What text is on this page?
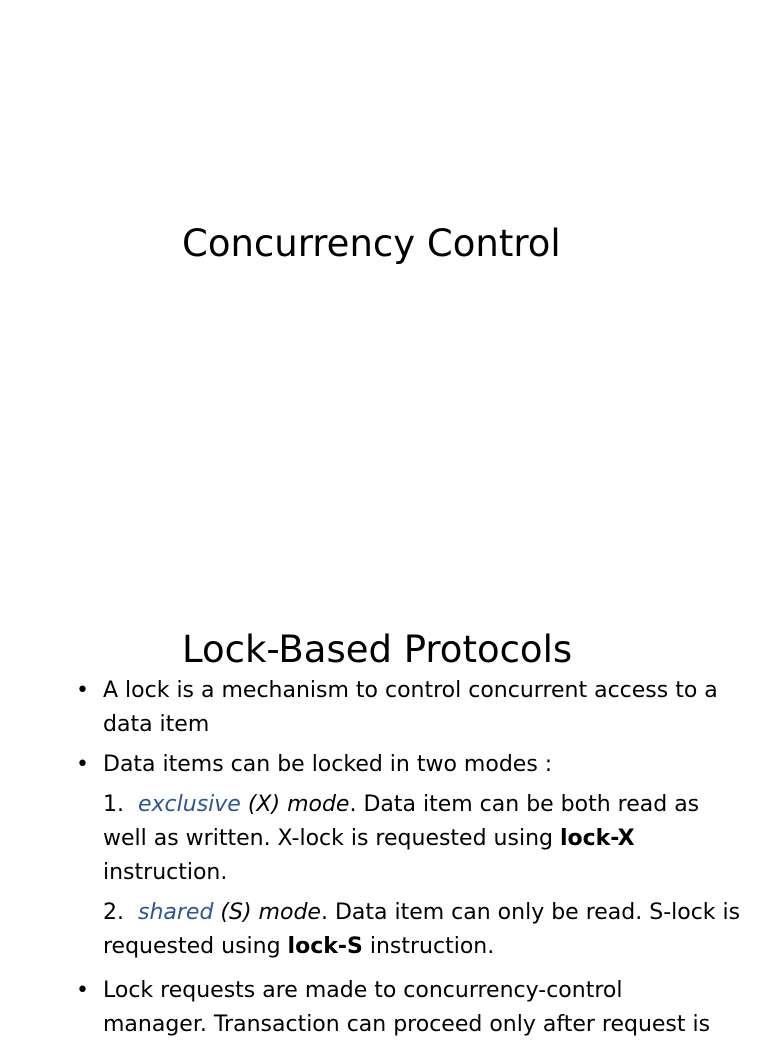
Concurrency Control
Lock-Based Protocols
• A lock is a mechanism to control concurrent access to a data item
• Data items can be locked in two modes :
1. exclusive (X) mode. Data item can be both read as well as written. X-lock is requested using lock-X instruction.
2. shared (S) mode. Data item can only be read. S-lock is requested using lock-S instruction.
• Lock requests are made to concurrency-control
manager. Transaction can proceed only after request is
